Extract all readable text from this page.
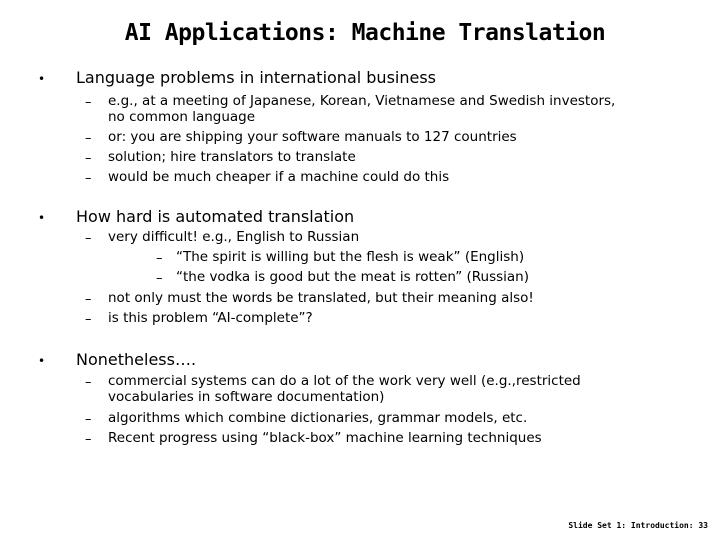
AI Applications: Machine Translation
• Language problems in international business
– e.g., at a meeting of Japanese, Korean, Vietnamese and Swedish investors,
no common language
– or: you are shipping your software manuals to 127 countries
– solution; hire translators to translate
– would be much cheaper if a machine could do this
• How hard is automated translation
– very difficult! e.g., English to Russian
– “The spirit is willing but the flesh is weak” (English)
– “the vodka is good but the meat is rotten” (Russian)
– not only must the words be translated, but their meaning also!
– is this problem “AI-complete”?
• Nonetheless….
– commercial systems can do a lot of the work very well (e.g.,restricted
vocabularies in software documentation)
– algorithms which combine dictionaries, grammar models, etc.
– Recent progress using “black-box” machine learning techniques
Slide Set 1: Introduction: 33
